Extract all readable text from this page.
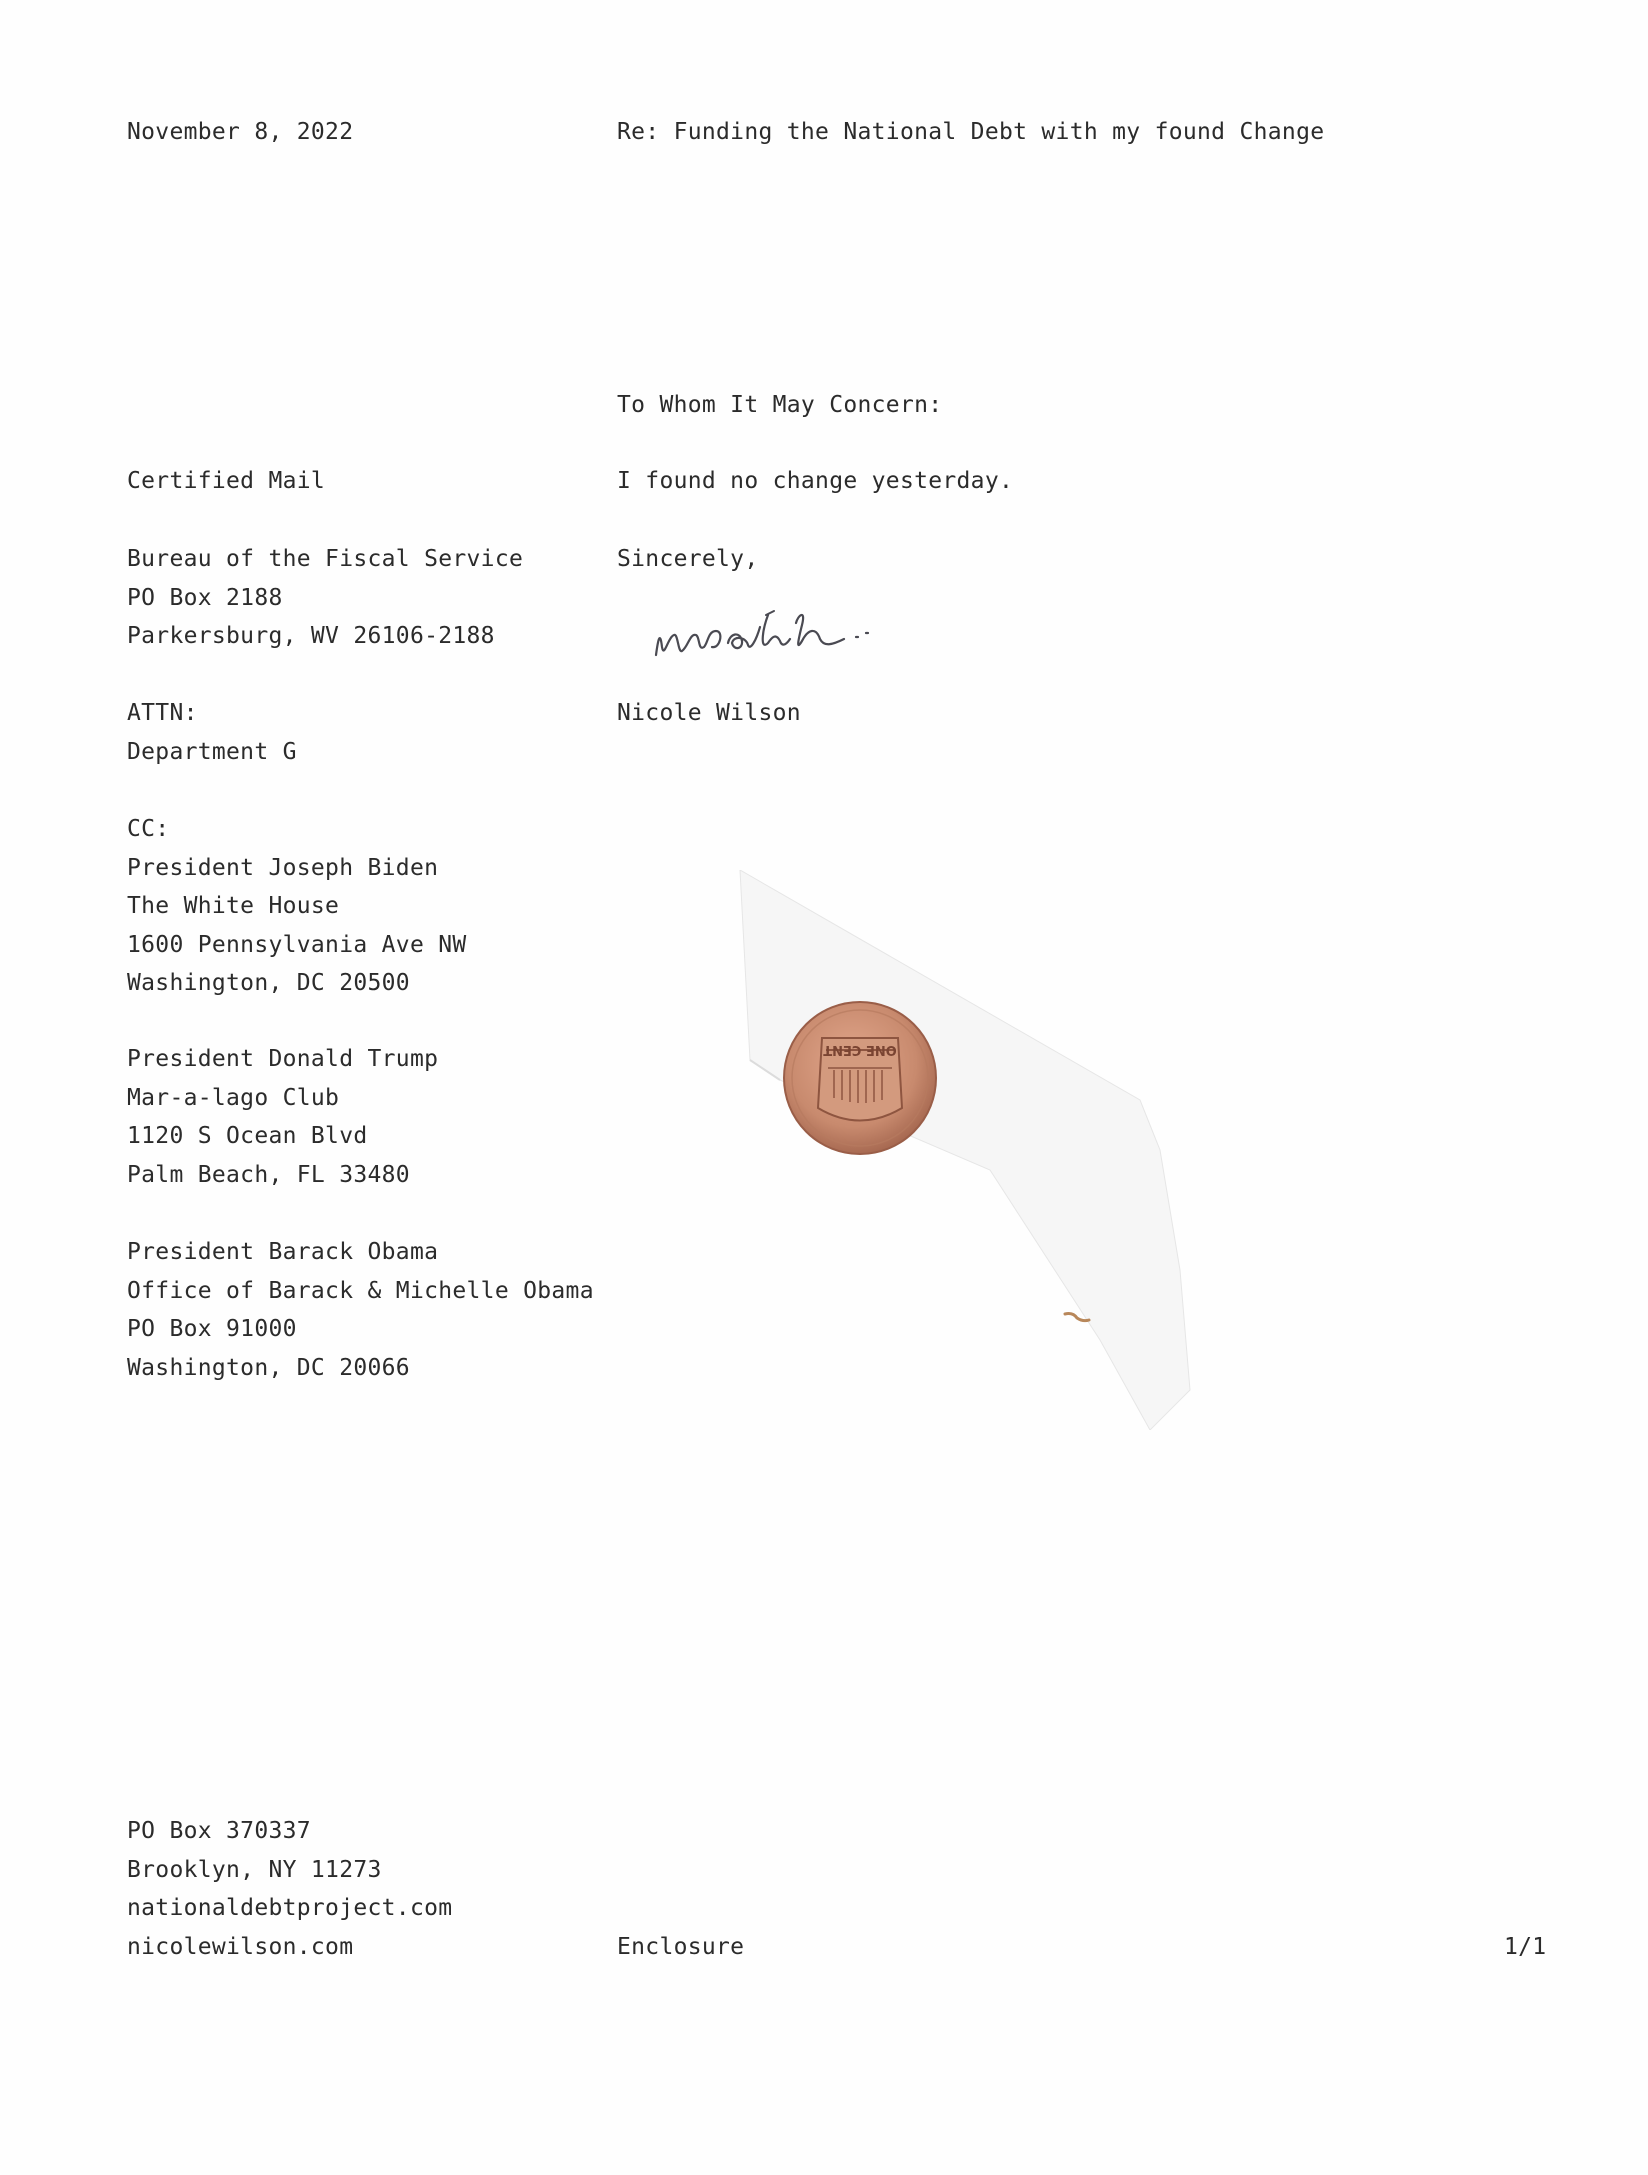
November 8, 2022	Re: Funding the National Debt with my found Change
To Whom It May Concern:
Certified Mail	I found no change yesterday.
Bureau of the Fiscal Service
PO Box 2188
Parkersburg, WV 26106-2188
Sincerely,
ATTN:
Department G
Nicole Wilson
CC:
President Joseph Biden
The White House
1600 Pennsylvania Ave NW
Washington, DC 20500
President Donald Trump
Mar-a-lago Club
1120 S Ocean Blvd
Palm Beach, FL 33480
President Barack Obama
Office of Barack & Michelle Obama
PO Box 91000
Washington, DC 20066
ONE CENT
PO Box 370337
Brooklyn, NY 11273
nationaldebtproject.com
nicolewilson.com	Enclosure	1/1
